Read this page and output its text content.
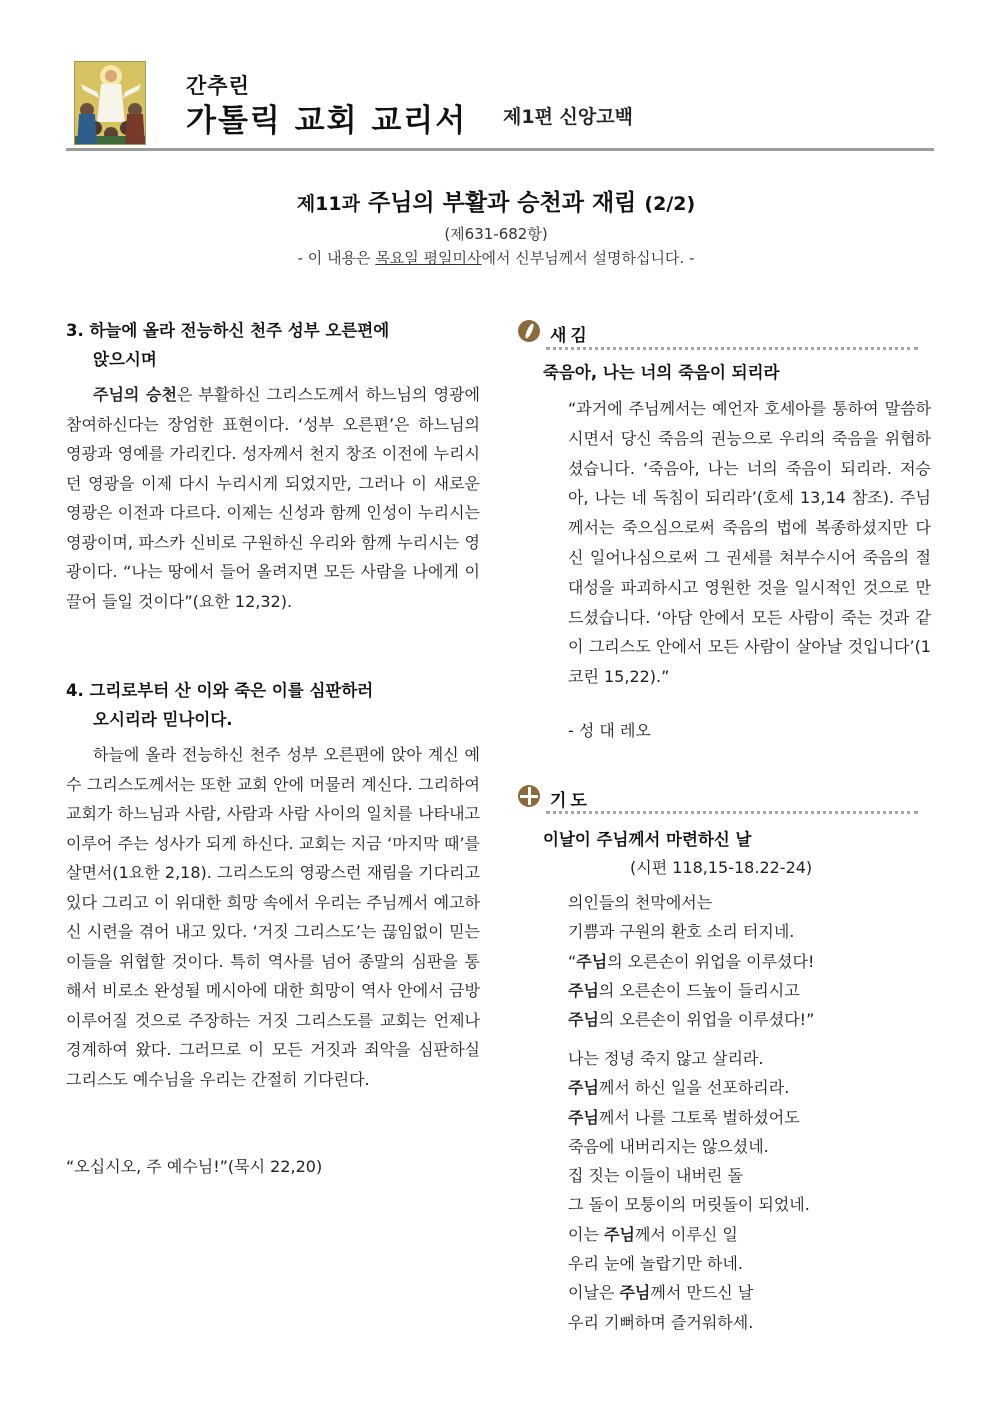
간추린
가톨릭 교회 교리서 제1편 신앙고백
제11과 주님의 부활과 승천과 재림 (2/2)
(제631-682항)
- 이 내용은 목요일 평일미사에서 신부님께서 설명하십니다. -
3. 하늘에 올라 전능하신 천주 성부 오른편에
앉으시며
주님의 승천은 부활하신 그리스도께서 하느님의 영광에 참여하신다는 장엄한 표현이다. ‘성부 오른편’은 하느님의 영광과 영예를 가리킨다. 성자께서 천지 창조 이전에 누리시던 영광을 이제 다시 누리시게 되었지만, 그러나 이 새로운 영광은 이전과 다르다. 이제는 신성과 함께 인성이 누리시는 영광이며, 파스카 신비로 구원하신 우리와 함께 누리시는 영광이다. “나는 땅에서 들어 올려지면 모든 사람을 나에게 이끌어 들일 것이다”(요한 12,32).
4. 그리로부터 산 이와 죽은 이를 심판하러
오시리라 믿나이다.
하늘에 올라 전능하신 천주 성부 오른편에 앉아 계신 예수 그리스도께서는 또한 교회 안에 머물러 계신다. 그리하여 교회가 하느님과 사람, 사람과 사람 사이의 일치를 나타내고 이루어 주는 성사가 되게 하신다. 교회는 지금 ‘마지막 때’를 살면서(1요한 2,18). 그리스도의 영광스런 재림을 기다리고 있다 그리고 이 위대한 희망 속에서 우리는 주님께서 예고하신 시련을 겪어 내고 있다. ‘거짓 그리스도’는 끊임없이 믿는 이들을 위협할 것이다. 특히 역사를 넘어 종말의 심판을 통해서 비로소 완성될 메시아에 대한 희망이 역사 안에서 금방 이루어질 것으로 주장하는 거짓 그리스도를 교회는 언제나 경계하여 왔다. 그러므로 이 모든 거짓과 죄악을 심판하실 그리스도 예수님을 우리는 간절히 기다린다.
“오십시오, 주 예수님!”(묵시 22,20)
새김
죽음아, 나는 너의 죽음이 되리라
“과거에 주님께서는 예언자 호세아를 통하여 말씀하시면서 당신 죽음의 권능으로 우리의 죽음을 위협하셨습니다. ‘죽음아, 나는 너의 죽음이 되리라. 저승아, 나는 네 독침이 되리라’(호세 13,14 참조). 주님께서는 죽으심으로써 죽음의 법에 복종하셨지만 다신 일어나심으로써 그 권세를 쳐부수시어 죽음의 절대성을 파괴하시고 영원한 것을 일시적인 것으로 만드셨습니다. ‘아담 안에서 모든 사람이 죽는 것과 같이 그리스도 안에서 모든 사람이 살아날 것입니다’(1코린 15,22).”
- 성 대 레오
기도
이날이 주님께서 마련하신 날
(시편 118,15-18.22-24)
의인들의 천막에서는
기쁨과 구원의 환호 소리 터지네.
“주님의 오른손이 위업을 이루셨다!
주님의 오른손이 드높이 들리시고
주님의 오른손이 위업을 이루셨다!”
나는 정녕 죽지 않고 살리라.
주님께서 하신 일을 선포하리라.
주님께서 나를 그토록 벌하셨어도
죽음에 내버리지는 않으셨네.
집 짓는 이들이 내버린 돌
그 돌이 모퉁이의 머릿돌이 되었네.
이는 주님께서 이루신 일
우리 눈에 놀랍기만 하네.
이날은 주님께서 만드신 날
우리 기뻐하며 즐거워하세.
